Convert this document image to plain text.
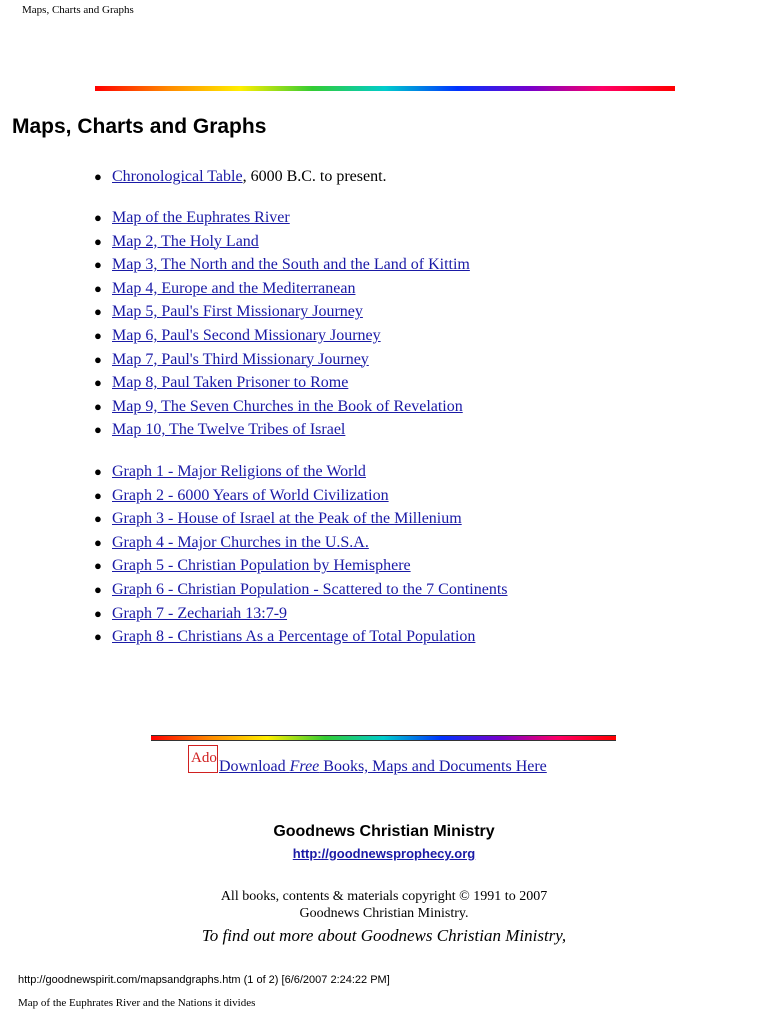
Maps, Charts and Graphs
Maps, Charts and Graphs
● Chronological Table, 6000 B.C. to present.
● Map of the Euphrates River
● Map 2, The Holy Land
● Map 3, The North and the South and the Land of Kittim
● Map 4, Europe and the Mediterranean
● Map 5, Paul's First Missionary Journey
● Map 6, Paul's Second Missionary Journey
● Map 7, Paul's Third Missionary Journey
● Map 8, Paul Taken Prisoner to Rome
● Map 9, The Seven Churches in the Book of Revelation
● Map 10, The Twelve Tribes of Israel
● Graph 1 - Major Religions of the World
● Graph 2 - 6000 Years of World Civilization
● Graph 3 - House of Israel at the Peak of the Millenium
● Graph 4 - Major Churches in the U.S.A.
● Graph 5 - Christian Population by Hemisphere
● Graph 6 - Christian Population - Scattered to the 7 Continents
● Graph 7 - Zechariah 13:7-9
● Graph 8 - Christians As a Percentage of Total Population
Ado Download Free Books, Maps and Documents Here
Goodnews Christian Ministry
http://goodnewsprophecy.org
All books, contents & materials copyright © 1991 to 2007
Goodnews Christian Ministry.
To find out more about Goodnews Christian Ministry,
http://goodnewspirit.com/mapsandgraphs.htm (1 of 2) [6/6/2007 2:24:22 PM]
Map of the Euphrates River and the Nations it divides
